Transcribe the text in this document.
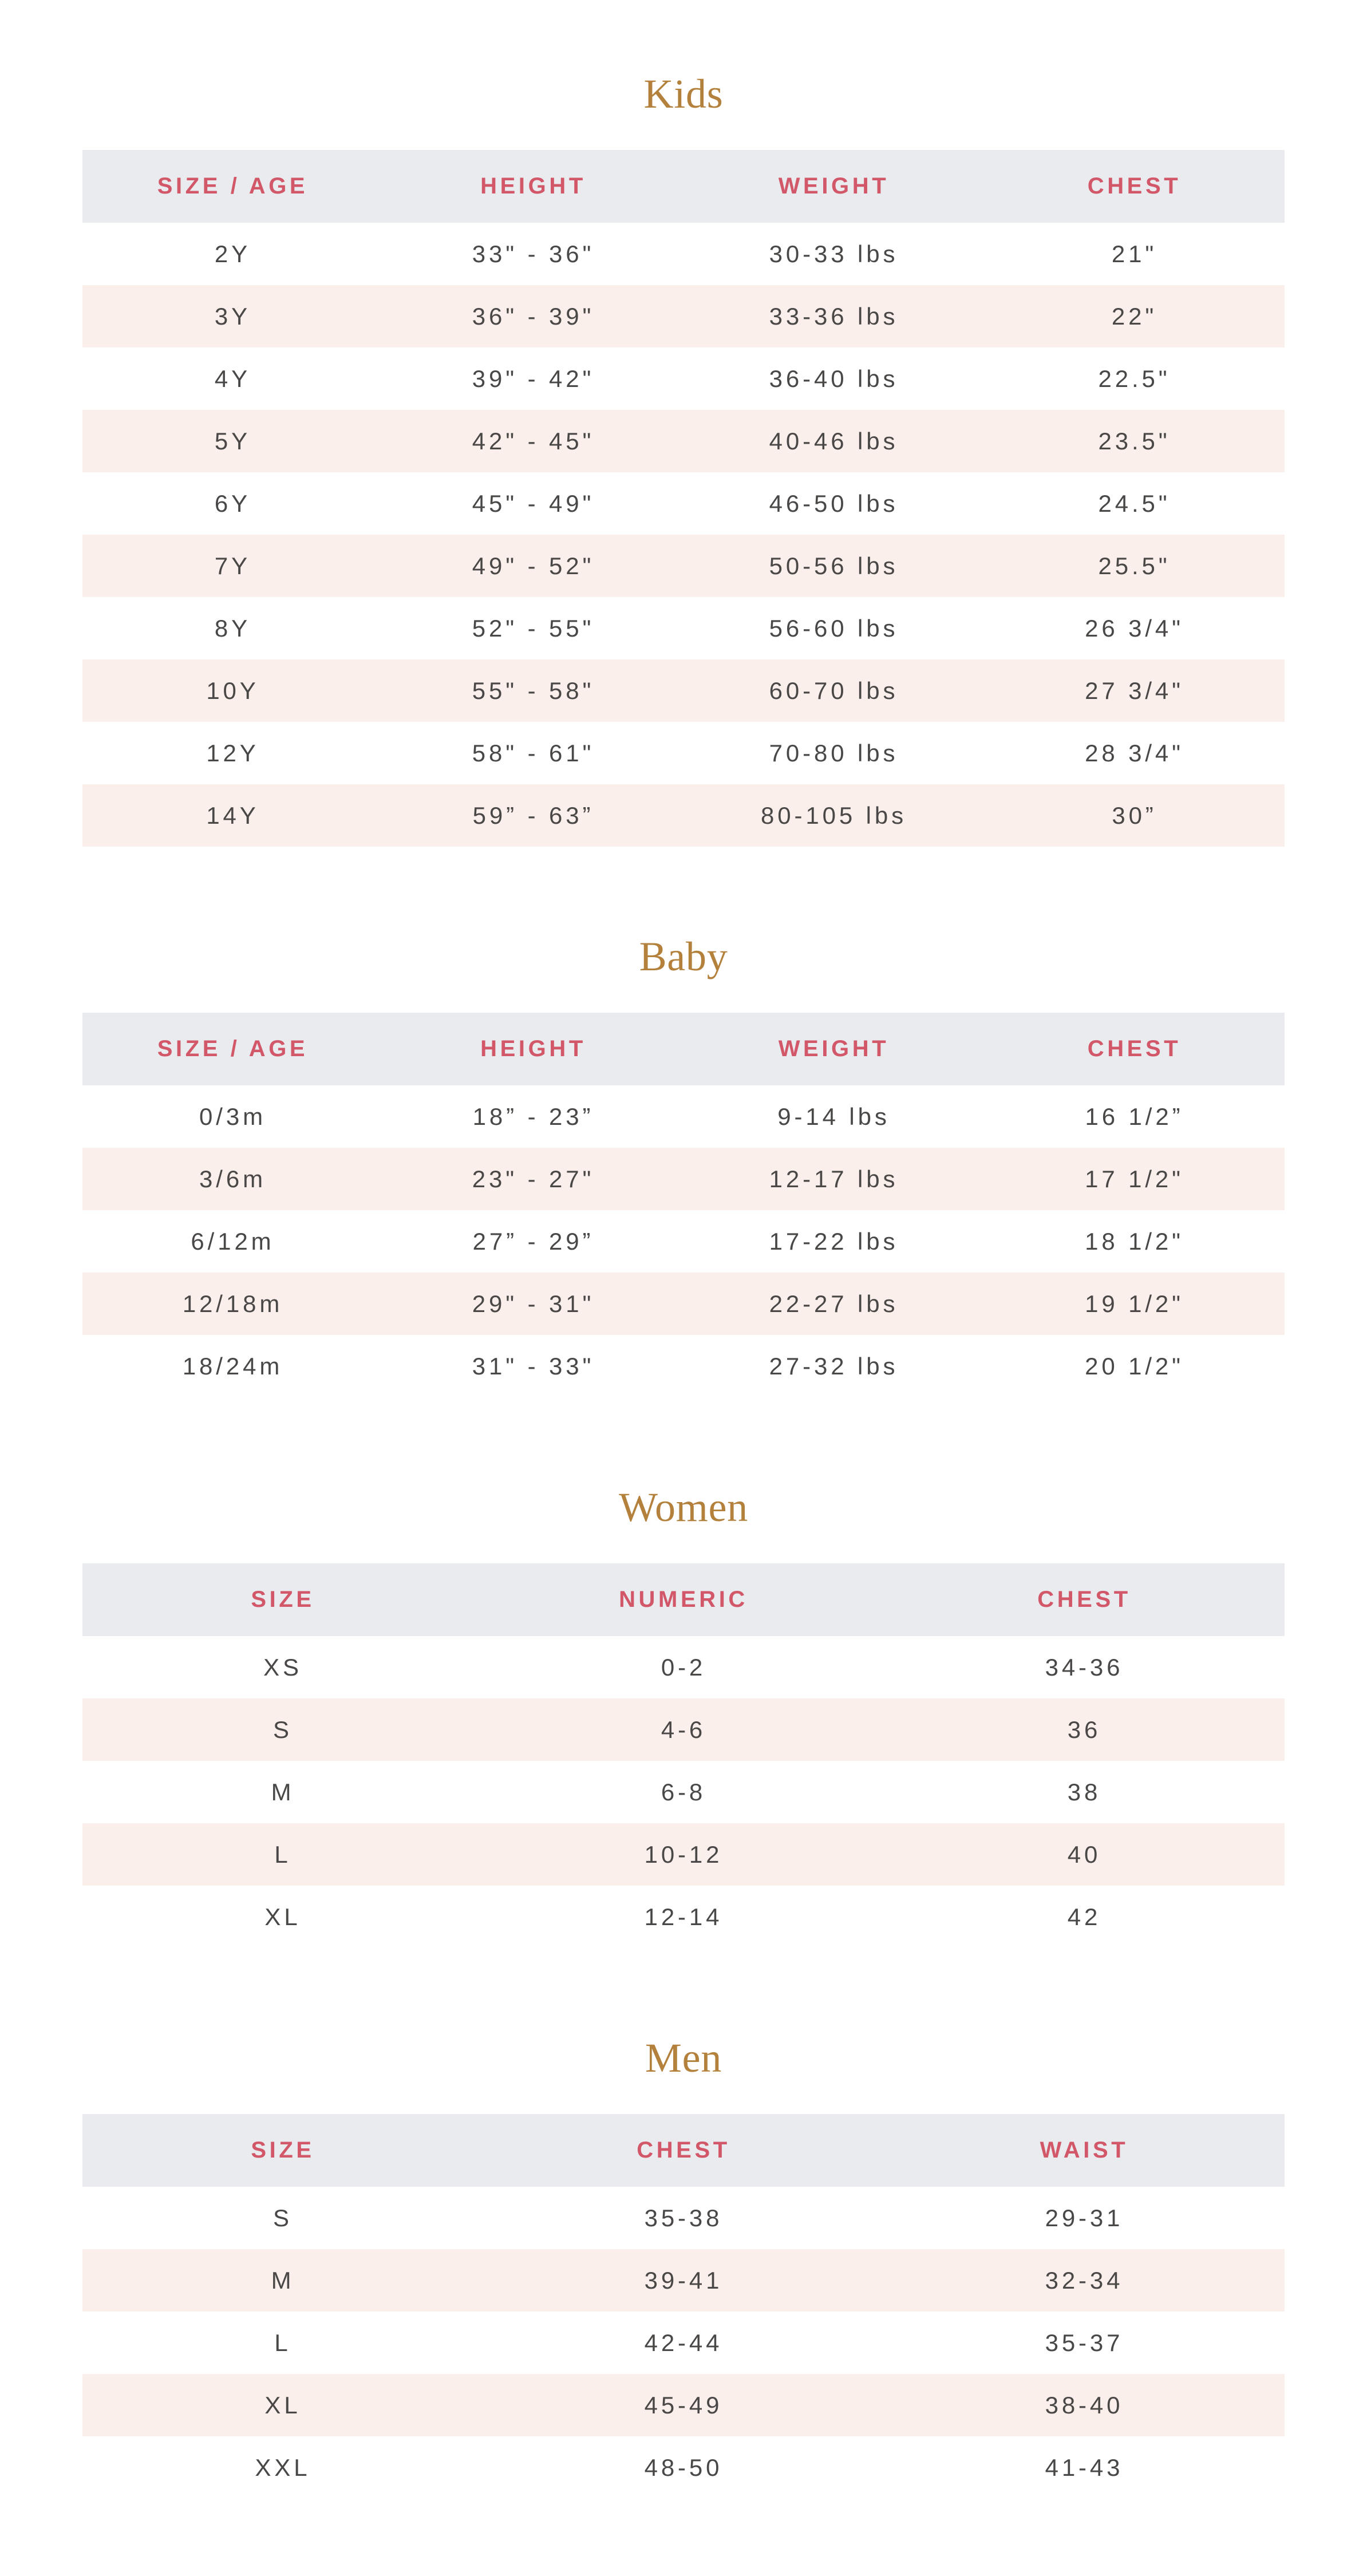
Kids
SIZE / AGE	HEIGHT	WEIGHT	CHEST
2Y	33" - 36"	30-33 lbs	21"
3Y	36" - 39"	33-36 lbs	22"
4Y	39" - 42"	36-40 lbs	22.5"
5Y	42" - 45"	40-46 lbs	23.5"
6Y	45" - 49"	46-50 lbs	24.5"
7Y	49" - 52"	50-56 lbs	25.5"
8Y	52" - 55"	56-60 lbs	26 3/4"
10Y	55" - 58"	60-70 lbs	27 3/4"
12Y	58" - 61"	70-80 lbs	28 3/4"
14Y	59” - 63”	80-105 lbs	30”
Baby
SIZE / AGE	HEIGHT	WEIGHT	CHEST
0/3m	18” - 23”	9-14 lbs	16 1/2”
3/6m	23" - 27"	12-17 lbs	17 1/2"
6/12m	27” - 29”	17-22 lbs	18 1/2"
12/18m	29" - 31"	22-27 lbs	19 1/2"
18/24m	31" - 33"	27-32 lbs	20 1/2"
Women
SIZE	NUMERIC	CHEST
XS	0-2	34-36
S	4-6	36
M	6-8	38
L	10-12	40
XL	12-14	42
Men
SIZE	CHEST	WAIST
S	35-38	29-31
M	39-41	32-34
L	42-44	35-37
XL	45-49	38-40
XXL	48-50	41-43
